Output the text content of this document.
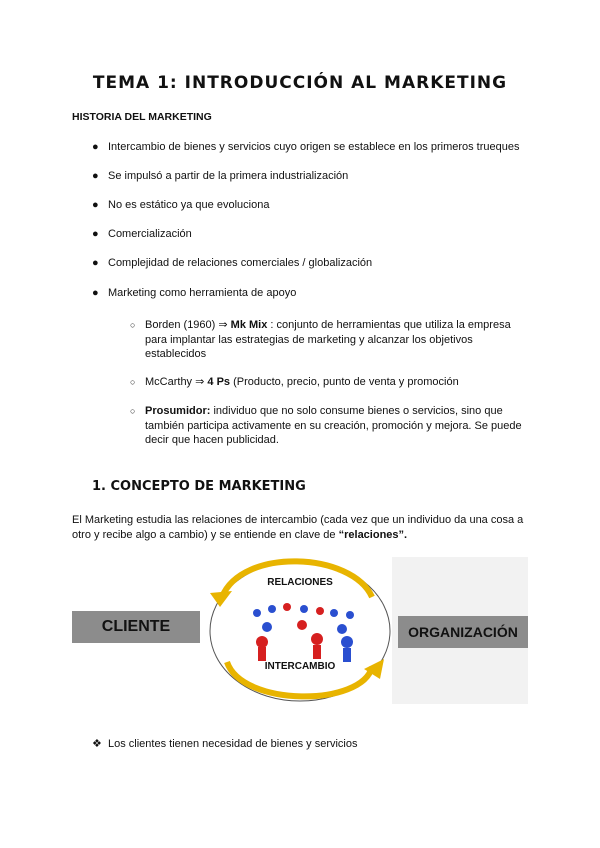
TEMA 1: INTRODUCCIÓN AL MARKETING
HISTORIA DEL MARKETING
● Intercambio de bienes y servicios cuyo origen se establece en los primeros trueques
● Se impulsó a partir de la primera industrialización
● No es estático ya que evoluciona
● Comercialización
● Complejidad de relaciones comerciales / globalización
● Marketing como herramienta de apoyo
○ Borden (1960) ⇒ Mk Mix : conjunto de herramientas que utiliza la empresa para implantar las estrategias de marketing y alcanzar los objetivos establecidos
○ McCarthy ⇒ 4 Ps (Producto, precio, punto de venta y promoción
○ Prosumidor: individuo que no solo consume bienes o servicios, sino que también participa activamente en su creación, promoción y mejora. Se puede decir que hacen publicidad.
1. CONCEPTO DE MARKETING
El Marketing estudia las relaciones de intercambio (cada vez que un individuo da una cosa a otro y recibe algo a cambio) y se entiende en clave de “relaciones”.
CLIENTE	ORGANIZACIÓN
RELACIONES
INTERCAMBIO
❖ Los clientes tienen necesidad de bienes y servicios
